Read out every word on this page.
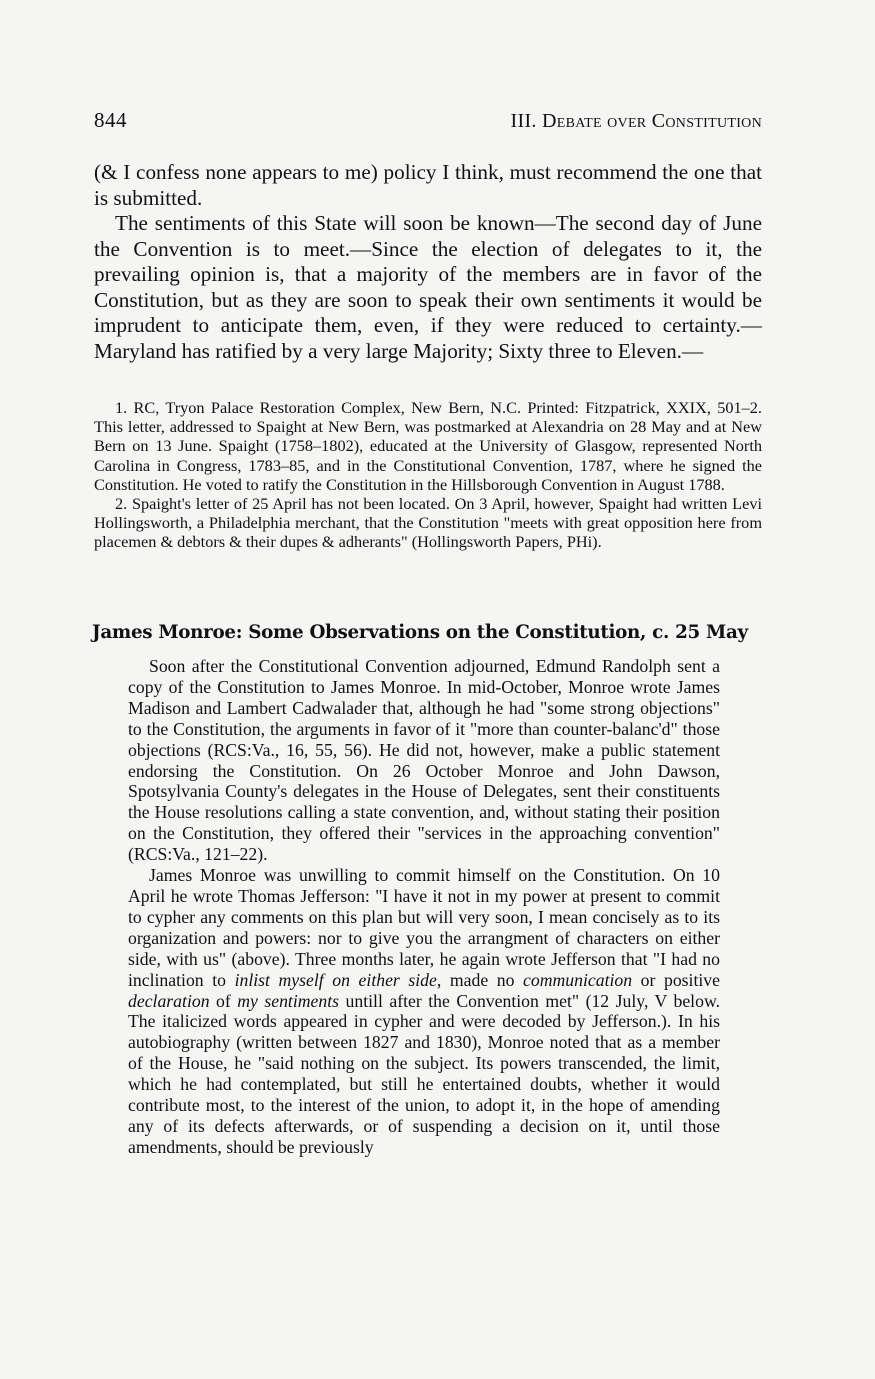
844	III. Debate over Constitution

(& I confess none appears to me) policy I think, must recommend the one that is submitted.

The sentiments of this State will soon be known—The second day of June the Convention is to meet.—Since the election of delegates to it, the prevailing opinion is, that a majority of the members are in favor of the Constitution, but as they are soon to speak their own sentiments it would be imprudent to anticipate them, even, if they were reduced to certainty.—Maryland has ratified by a very large Majority; Sixty three to Eleven.—

1. RC, Tryon Palace Restoration Complex, New Bern, N.C. Printed: Fitzpatrick, XXIX, 501–2. This letter, addressed to Spaight at New Bern, was postmarked at Alexandria on 28 May and at New Bern on 13 June. Spaight (1758–1802), educated at the University of Glasgow, represented North Carolina in Congress, 1783–85, and in the Constitutional Convention, 1787, where he signed the Constitution. He voted to ratify the Constitution in the Hillsborough Convention in August 1788.

2. Spaight's letter of 25 April has not been located. On 3 April, however, Spaight had written Levi Hollingsworth, a Philadelphia merchant, that the Constitution "meets with great opposition here from placemen & debtors & their dupes & adherants" (Hollingsworth Papers, PHi).

James Monroe: Some Observations on the Constitution, c. 25 May

Soon after the Constitutional Convention adjourned, Edmund Randolph sent a copy of the Constitution to James Monroe. In mid-October, Monroe wrote James Madison and Lambert Cadwalader that, although he had "some strong objections" to the Constitution, the arguments in favor of it "more than counter-balanc'd" those objections (RCS:Va., 16, 55, 56). He did not, however, make a public statement endorsing the Constitution. On 26 October Monroe and John Dawson, Spotsylvania County's delegates in the House of Delegates, sent their constituents the House resolutions calling a state convention, and, without stating their position on the Constitution, they offered their "services in the approaching convention" (RCS:Va., 121–22).

James Monroe was unwilling to commit himself on the Constitution. On 10 April he wrote Thomas Jefferson: "I have it not in my power at present to commit to cypher any comments on this plan but will very soon, I mean concisely as to its organization and powers: nor to give you the arrangment of characters on either side, with us" (above). Three months later, he again wrote Jefferson that "I had no inclination to inlist myself on either side, made no communication or positive declaration of my sentiments untill after the Convention met" (12 July, V below. The italicized words appeared in cypher and were decoded by Jefferson.). In his autobiography (written between 1827 and 1830), Monroe noted that as a member of the House, he "said nothing on the subject. Its powers transcended, the limit, which he had contemplated, but still he entertained doubts, whether it would contribute most, to the interest of the union, to adopt it, in the hope of amending any of its defects afterwards, or of suspending a decision on it, until those amendments, should be previously
